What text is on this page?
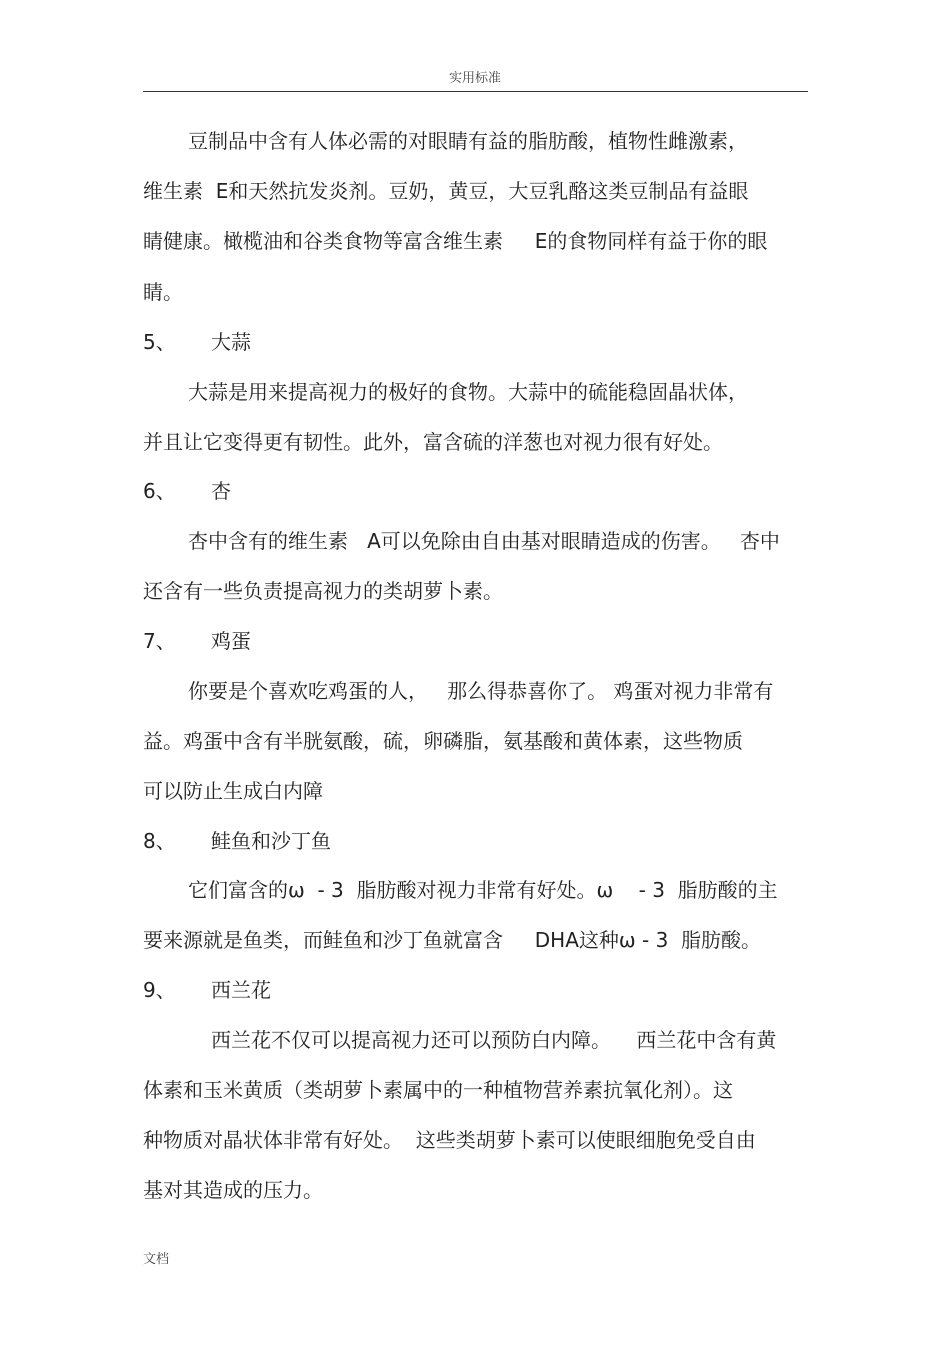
实用标准
豆制品中含有人体必需的对眼睛有益的脂肪酸，植物性雌激素，
维生素  E和天然抗发炎剂。豆奶，黄豆，大豆乳酪这类豆制品有益眼
睛健康。橄榄油和谷类食物等富含维生素     E的食物同样有益于你的眼
睛。
5、 大蒜
大蒜是用来提高视力的极好的食物。大蒜中的硫能稳固晶状体，
并且让它变得更有韧性。此外，富含硫的洋葱也对视力很有好处。
6、 杏
杏中含有的维生素   A可以免除由自由基对眼睛造成的伤害。   杏中
还含有一些负责提高视力的类胡萝卜素。
7、 鸡蛋
你要是个喜欢吃鸡蛋的人，   那么得恭喜你了。 鸡蛋对视力非常有
益。鸡蛋中含有半胱氨酸，硫，卵磷脂，氨基酸和黄体素，这些物质
可以防止生成白内障
8、 鲑鱼和沙丁鱼
它们富含的ω  - 3  脂肪酸对视力非常有好处。ω    - 3  脂肪酸的主
要来源就是鱼类，而鲑鱼和沙丁鱼就富含     DHA这种ω - 3  脂肪酸。
9、 西兰花
西兰花不仅可以提高视力还可以预防白内障。    西兰花中含有黄
体素和玉米黄质（类胡萝卜素属中的一种植物营养素抗氧化剂）。这
种物质对晶状体非常有好处。  这些类胡萝卜素可以使眼细胞免受自由
基对其造成的压力。
文档
